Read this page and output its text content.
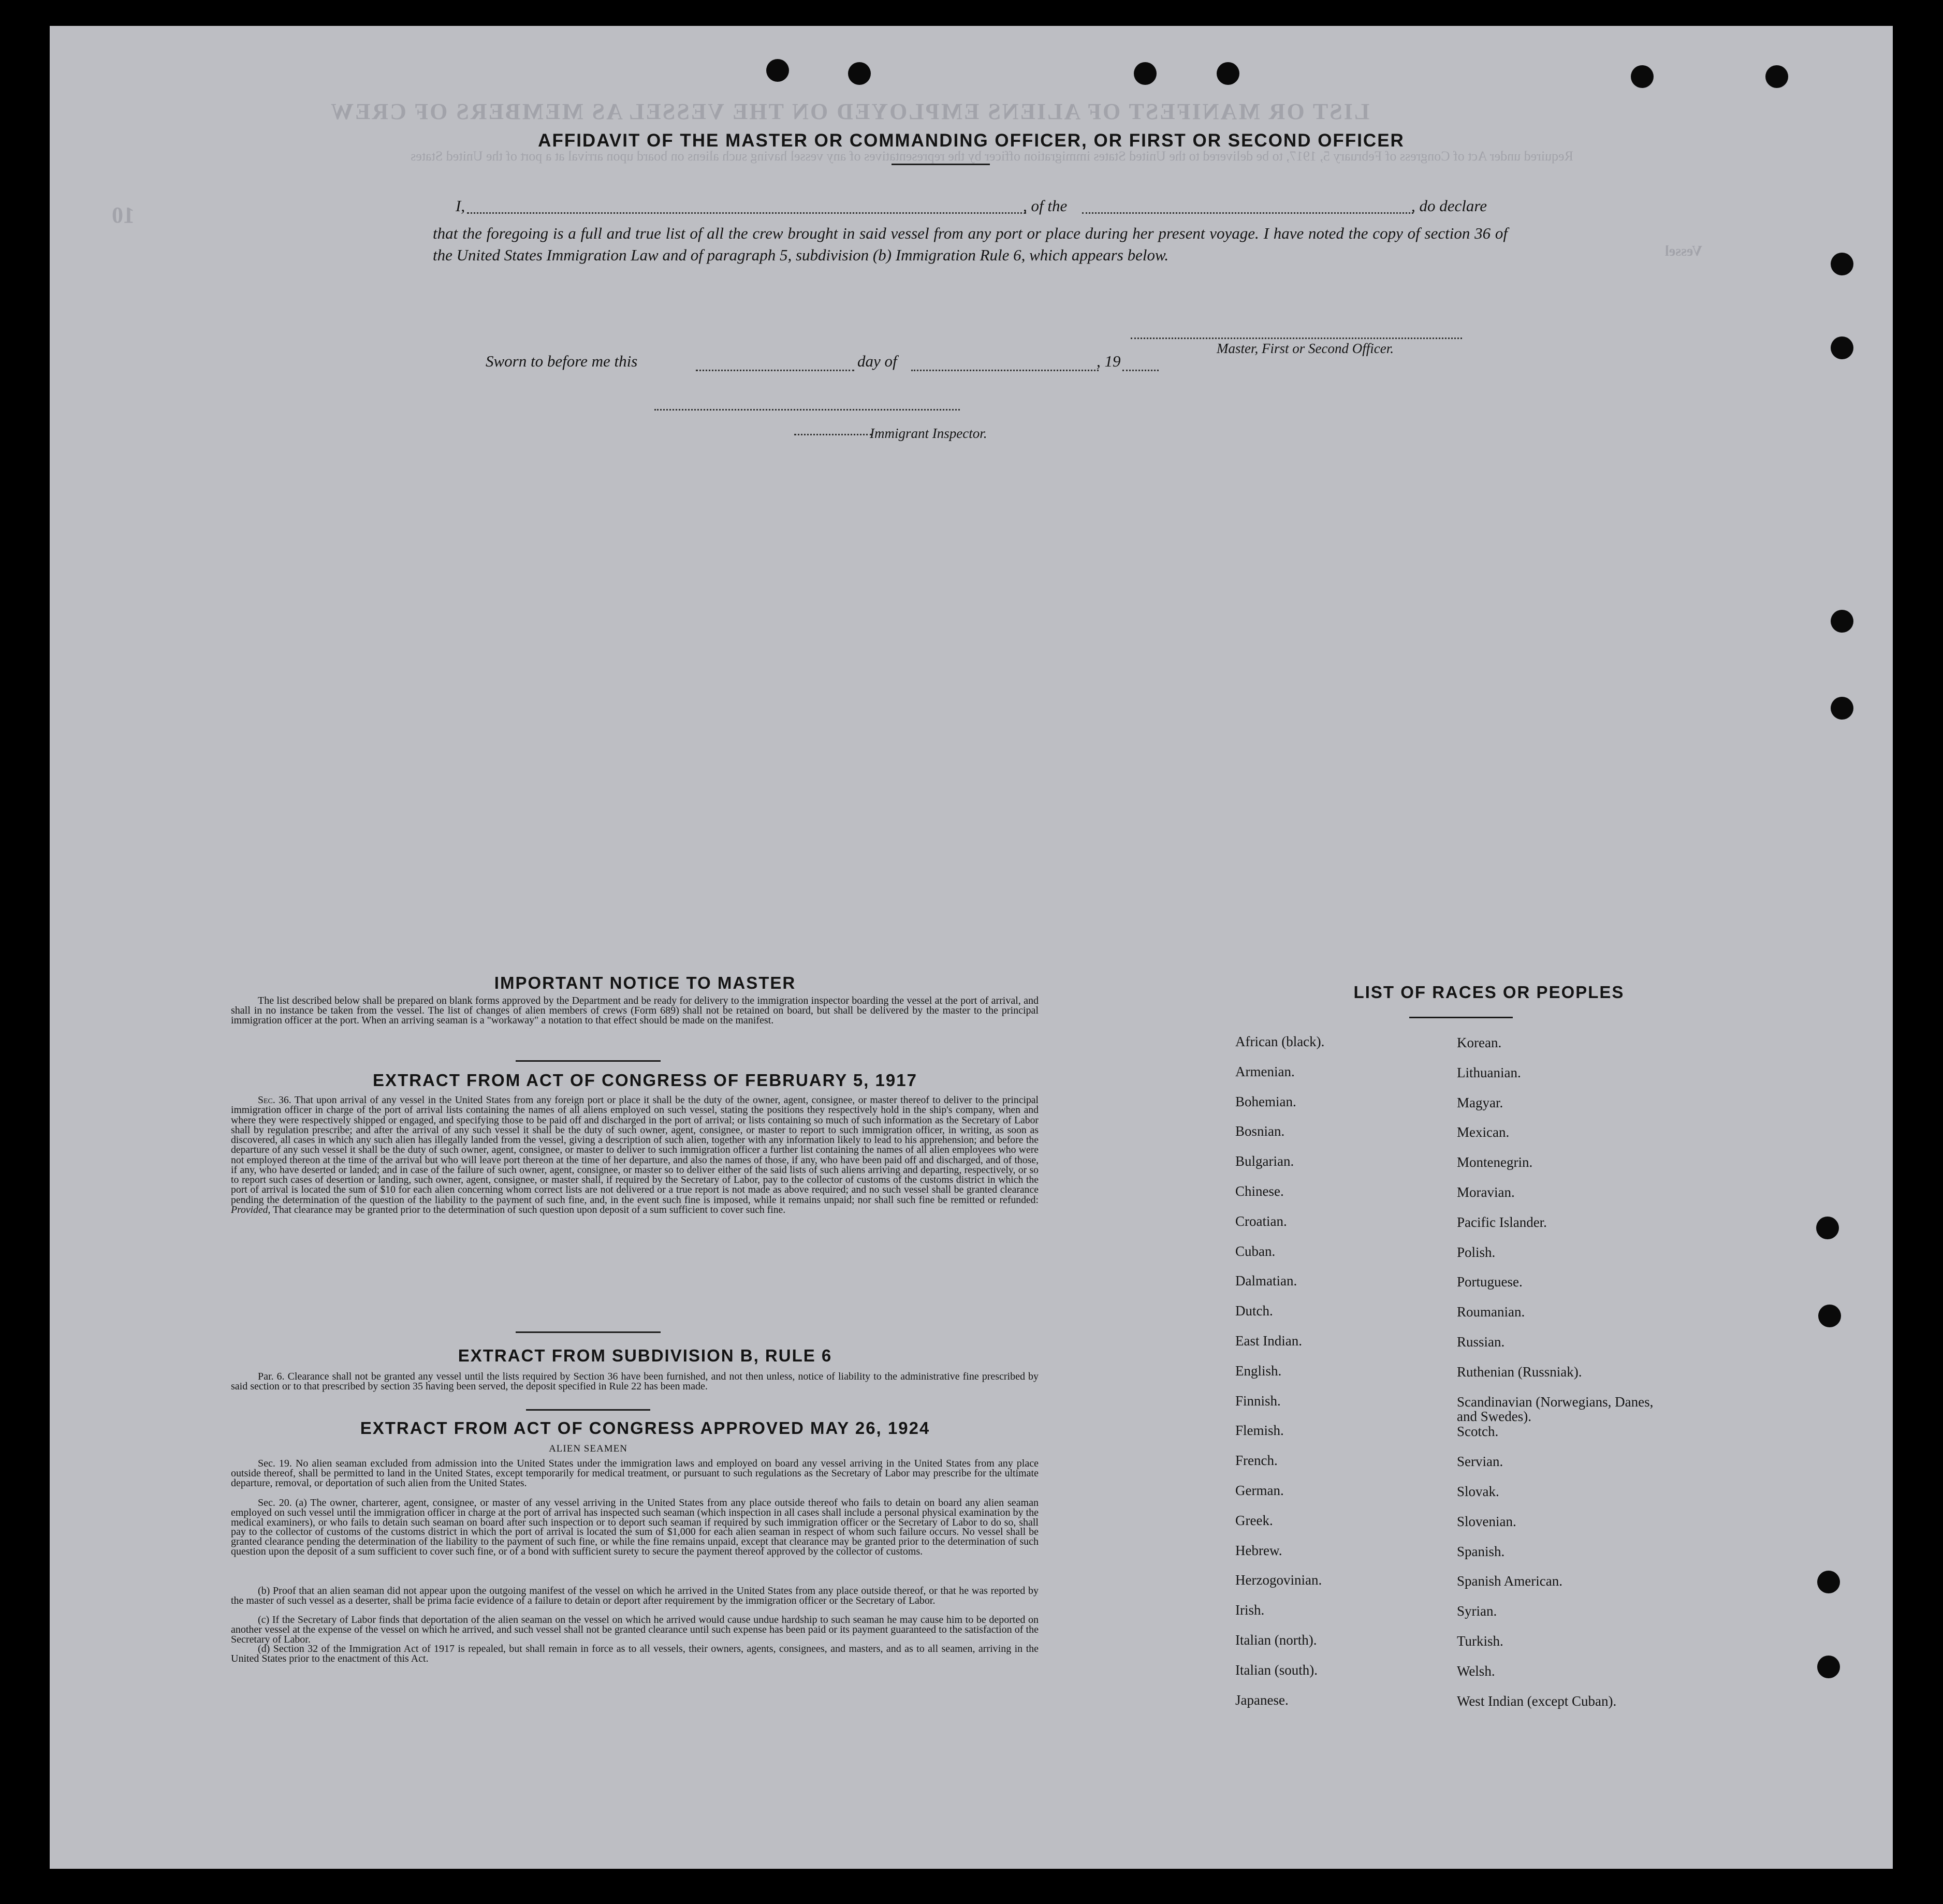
LIST OR MANIFEST OF ALIENS EMPLOYED ON THE VESSEL AS MEMBERS OF CREW
Required under Act of Congress of February 5, 1917, to be delivered to the United States immigration officer by the representatives of any vessel having such aliens on board upon arrival at a port of the United States
Vessel
10
AFFIDAVIT OF THE MASTER OR COMMANDING OFFICER, OR FIRST OR SECOND OFFICER
I,	, of the	, do declare

that the foregoing is a full and true list of all the crew brought in said vessel from any port or place during her present voyage. I have noted the copy of section 36 of the United States Immigration Law and of paragraph 5, subdivision (b) Immigration Rule 6, which appears below.

Master, First or Second Officer.
Sworn to before me this	day of	, 19
Immigrant Inspector.
IMPORTANT NOTICE TO MASTER

The list described below shall be prepared on blank forms approved by the Department and be ready for delivery to the immigration inspector boarding the vessel at the port of arrival, and shall in no instance be taken from the vessel. The list of changes of alien members of crews (Form 689) shall not be retained on board, but shall be delivered by the master to the principal immigration officer at the port. When an arriving seaman is a "workaway" a notation to that effect should be made on the manifest.

EXTRACT FROM ACT OF CONGRESS OF FEBRUARY 5, 1917

Sec. 36. That upon arrival of any vessel in the United States from any foreign port or place it shall be the duty of the owner, agent, consignee, or master thereof to deliver to the principal immigration officer in charge of the port of arrival lists containing the names of all aliens employed on such vessel, stating the positions they respectively hold in the ship's company, when and where they were respectively shipped or engaged, and specifying those to be paid off and discharged in the port of arrival; or lists containing so much of such information as the Secretary of Labor shall by regulation prescribe; and after the arrival of any such vessel it shall be the duty of such owner, agent, consignee, or master to report to such immigration officer, in writing, as soon as discovered, all cases in which any such alien has illegally landed from the vessel, giving a description of such alien, together with any information likely to lead to his apprehension; and before the departure of any such vessel it shall be the duty of such owner, agent, consignee, or master to deliver to such immigration officer a further list containing the names of all alien employees who were not employed thereon at the time of the arrival but who will leave port thereon at the time of her departure, and also the names of those, if any, who have been paid off and discharged, and of those, if any, who have deserted or landed; and in case of the failure of such owner, agent, consignee, or master so to deliver either of the said lists of such aliens arriving and departing, respectively, or so to report such cases of desertion or landing, such owner, agent, consignee, or master shall, if required by the Secretary of Labor, pay to the collector of customs of the customs district in which the port of arrival is located the sum of $10 for each alien concerning whom correct lists are not delivered or a true report is not made as above required; and no such vessel shall be granted clearance pending the determination of the question of the liability to the payment of such fine, and, in the event such fine is imposed, while it remains unpaid; nor shall such fine be remitted or refunded: Provided, That clearance may be granted prior to the determination of such question upon deposit of a sum sufficient to cover such fine.

EXTRACT FROM SUBDIVISION B, RULE 6

Par. 6. Clearance shall not be granted any vessel until the lists required by Section 36 have been furnished, and not then unless, notice of liability to the administrative fine prescribed by said section or to that prescribed by section 35 having been served, the deposit specified in Rule 22 has been made.

EXTRACT FROM ACT OF CONGRESS APPROVED MAY 26, 1924
ALIEN SEAMEN

Sec. 19. No alien seaman excluded from admission into the United States under the immigration laws and employed on board any vessel arriving in the United States from any place outside thereof, shall be permitted to land in the United States, except temporarily for medical treatment, or pursuant to such regulations as the Secretary of Labor may prescribe for the ultimate departure, removal, or deportation of such alien from the United States.

Sec. 20. (a) The owner, charterer, agent, consignee, or master of any vessel arriving in the United States from any place outside thereof who fails to detain on board any alien seaman employed on such vessel until the immigration officer in charge at the port of arrival has inspected such seaman (which inspection in all cases shall include a personal physical examination by the medical examiners), or who fails to detain such seaman on board after such inspection or to deport such seaman if required by such immigration officer or the Secretary of Labor to do so, shall pay to the collector of customs of the customs district in which the port of arrival is located the sum of $1,000 for each alien seaman in respect of whom such failure occurs. No vessel shall be granted clearance pending the determination of the liability to the payment of such fine, or while the fine remains unpaid, except that clearance may be granted prior to the determination of such question upon the deposit of a sum sufficient to cover such fine, or of a bond with sufficient surety to secure the payment thereof approved by the collector of customs.

(b) Proof that an alien seaman did not appear upon the outgoing manifest of the vessel on which he arrived in the United States from any place outside thereof, or that he was reported by the master of such vessel as a deserter, shall be prima facie evidence of a failure to detain or deport after requirement by the immigration officer or the Secretary of Labor.

(c) If the Secretary of Labor finds that deportation of the alien seaman on the vessel on which he arrived would cause undue hardship to such seaman he may cause him to be deported on another vessel at the expense of the vessel on which he arrived, and such vessel shall not be granted clearance until such expense has been paid or its payment guaranteed to the satisfaction of the Secretary of Labor.

(d) Section 32 of the Immigration Act of 1917 is repealed, but shall remain in force as to all vessels, their owners, agents, consignees, and masters, and as to all seamen, arriving in the United States prior to the enactment of this Act.

LIST OF RACES OR PEOPLES
African (black).
Armenian.
Bohemian.
Bosnian.
Bulgarian.
Chinese.
Croatian.
Cuban.
Dalmatian.
Dutch.
East Indian.
English.
Finnish.
Flemish.
French.
German.
Greek.
Hebrew.
Herzogovinian.
Irish.
Italian (north).
Italian (south).
Japanese.
Korean.
Lithuanian.
Magyar.
Mexican.
Montenegrin.
Moravian.
Pacific Islander.
Polish.
Portuguese.
Roumanian.
Russian.
Ruthenian (Russniak).
Scandinavian (Norwegians, Danes, and Swedes).
Scotch.
Servian.
Slovak.
Slovenian.
Spanish.
Spanish American.
Syrian.
Turkish.
Welsh.
West Indian (except Cuban).
